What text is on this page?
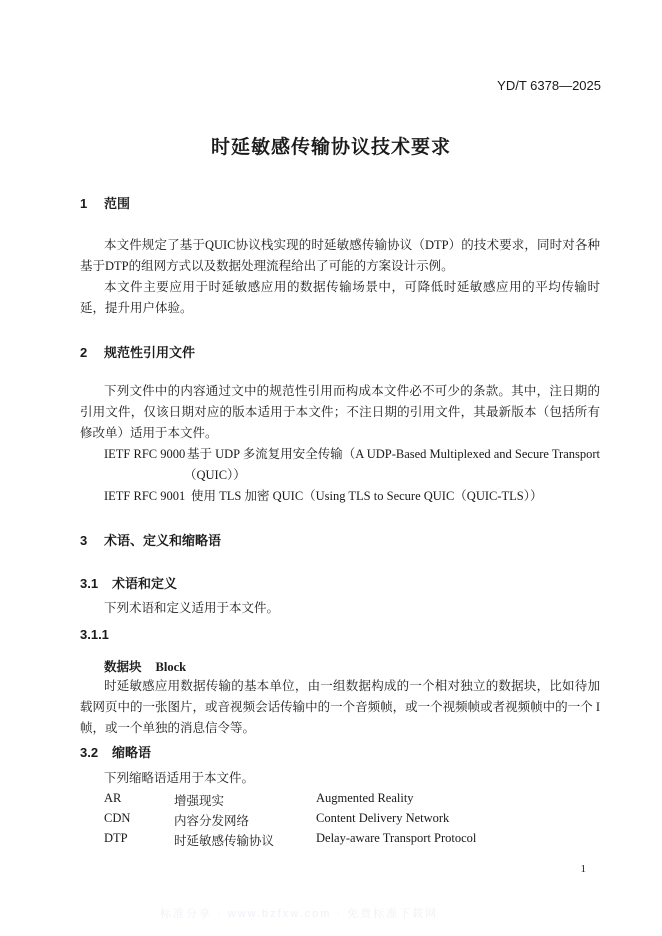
YD/T 6378—2025
时延敏感传输协议技术要求
1 范围

本文件规定了基于QUIC协议栈实现的时延敏感传输协议（DTP）的技术要求，同时对各种基于DTP的组网方式以及数据处理流程给出了可能的方案设计示例。

本文件主要应用于时延敏感应用的数据传输场景中，可降低时延敏感应用的平均传输时延，提升用户体验。

2 规范性引用文件

下列文件中的内容通过文中的规范性引用而构成本文件必不可少的条款。其中，注日期的引用文件，仅该日期对应的版本适用于本文件；不注日期的引用文件，其最新版本（包括所有修改单）适用于本文件。

IETF RFC 9000 基于 UDP 多流复用安全传输（A UDP-Based Multiplexed and Secure Transport
（QUIC））
IETF RFC 9001 使用 TLS 加密 QUIC（Using TLS to Secure QUIC（QUIC-TLS））
3 术语、定义和缩略语
3.1 术语和定义

下列术语和定义适用于本文件。

3.1.1
数据块 Block

时延敏感应用数据传输的基本单位，由一组数据构成的一个相对独立的数据块，比如待加载网页中的一张图片，或音视频会话传输中的一个音频帧，或一个视频帧或者视频帧中的一个 I 帧，或一个单独的消息信令等。

3.2 缩略语

下列缩略语适用于本文件。

AR	增强现实	Augmented Reality
CDN	内容分发网络	Content Delivery Network
DTP	时延敏感传输协议	Delay-aware Transport Protocol
1
标准分享 · www.bzfxw.com · 免费标准下载网
